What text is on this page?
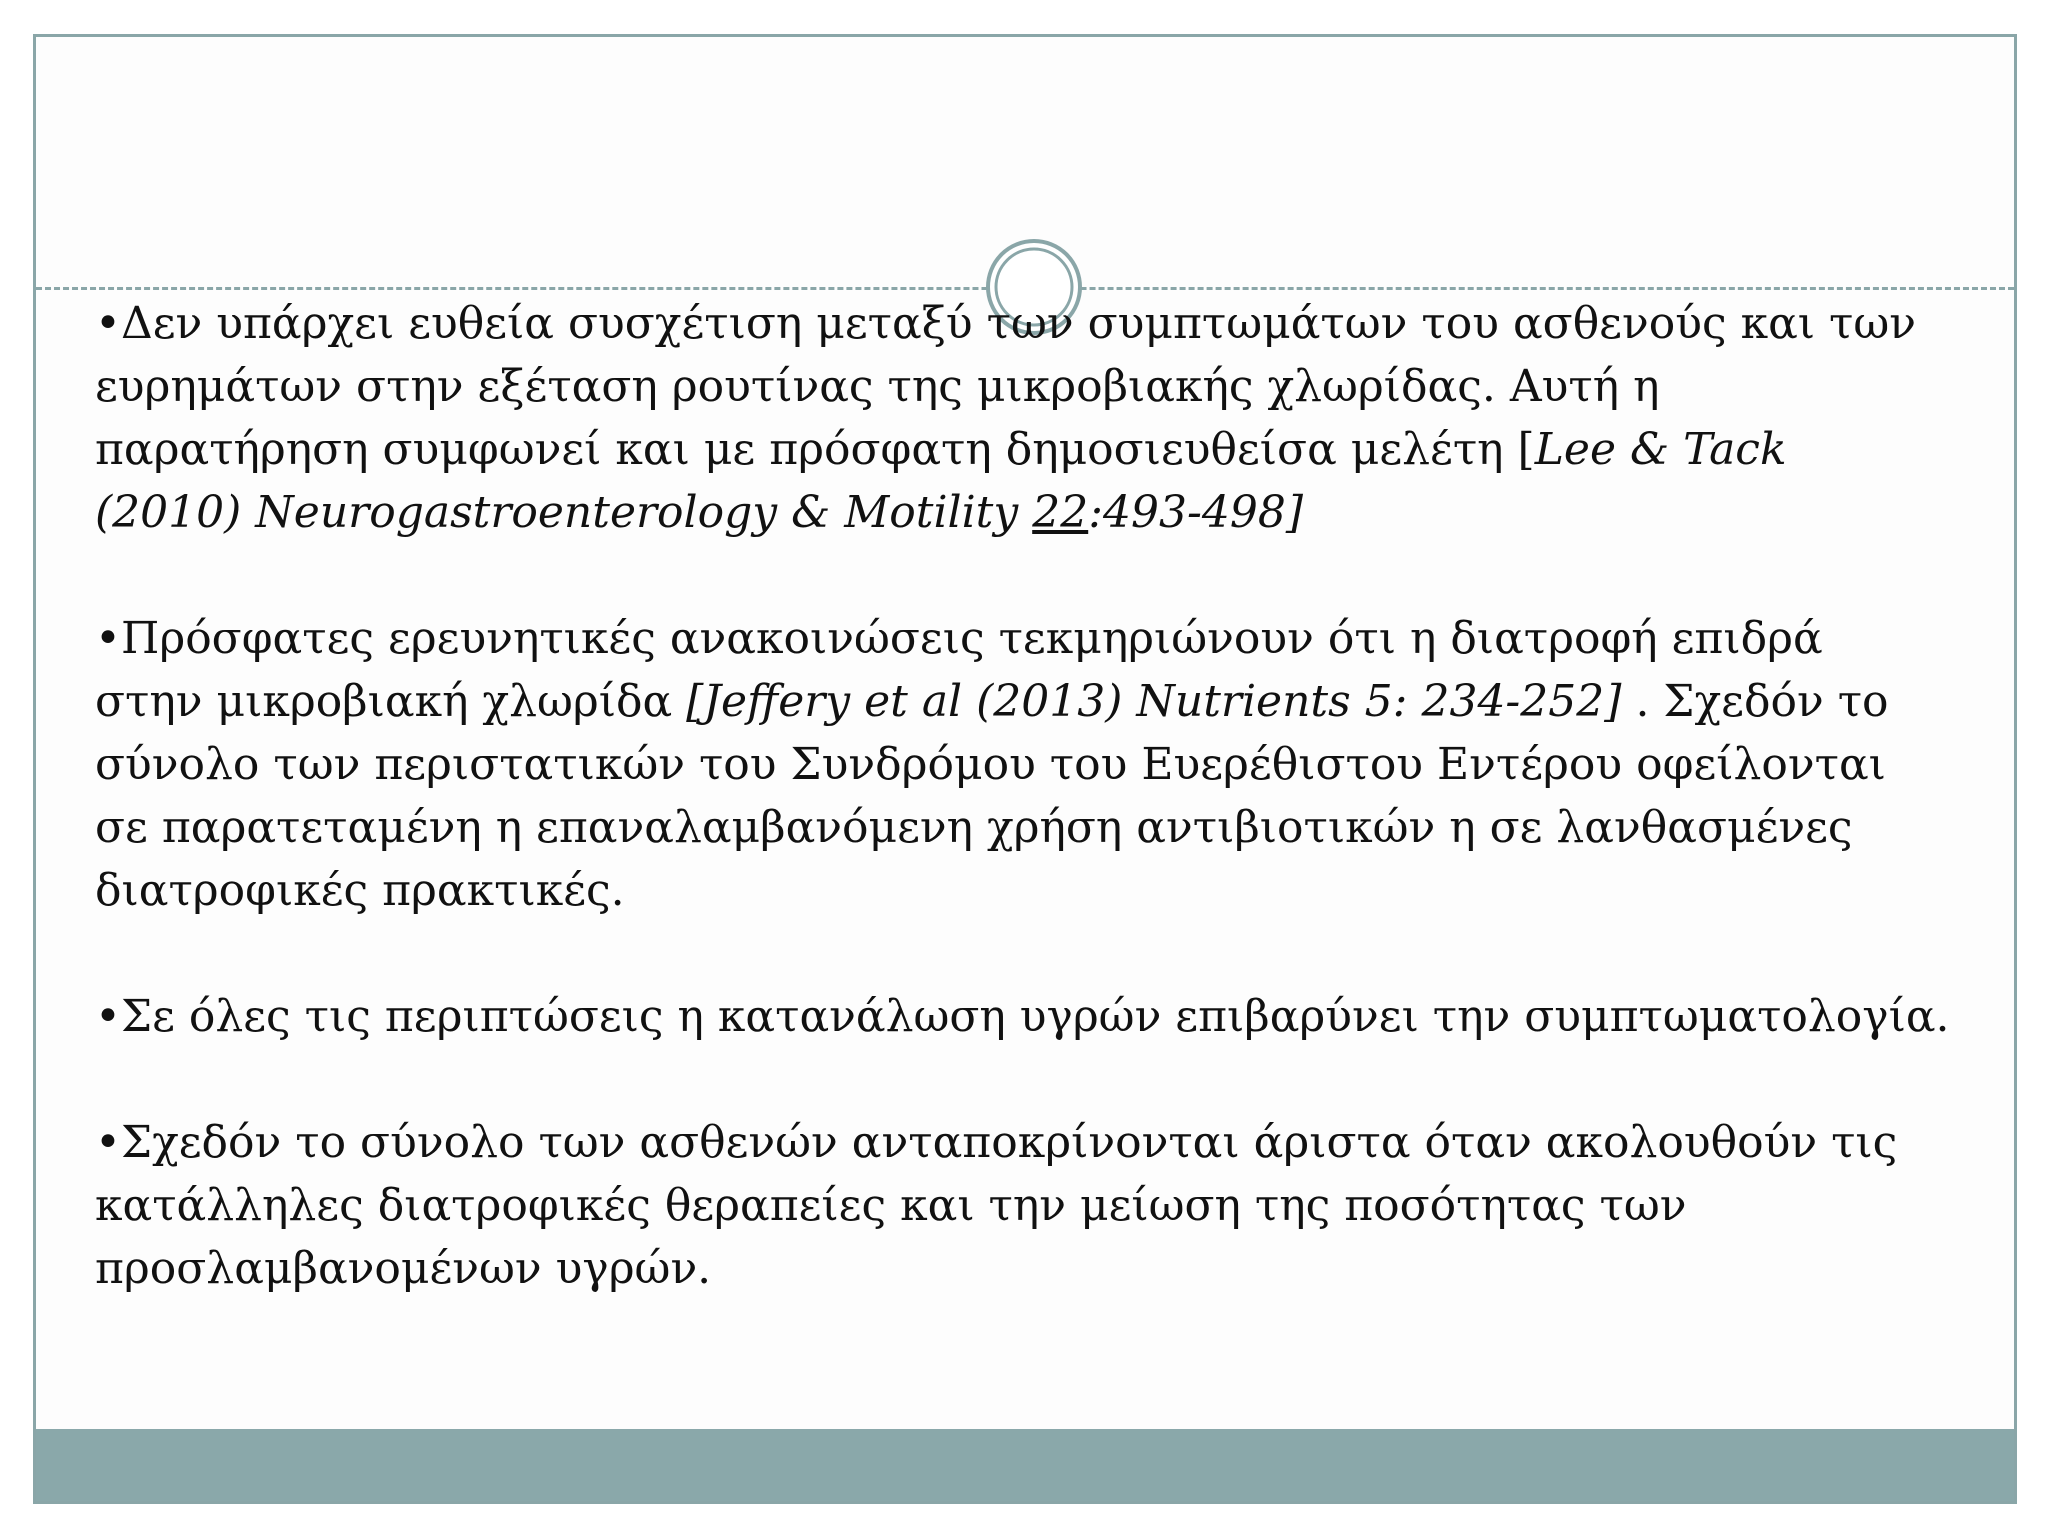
•Δεν υπάρχει ευθεία συσχέτιση μεταξύ των συμπτωμάτων του ασθενούς και των
ευρημάτων στην εξέταση ρουτίνας της μικροβιακής χλωρίδας. Αυτή η
παρατήρηση συμφωνεί και με πρόσφατη δημοσιευθείσα μελέτη [Lee & Tack
(2010) Neurogastroenterology & Motility 22:493-498]

•Πρόσφατες ερευνητικές ανακοινώσεις τεκμηριώνουν ότι η διατροφή επιδρά
στην μικροβιακή χλωρίδα [Jeffery et al (2013) Nutrients 5: 234-252] . Σχεδόν το
σύνολο των περιστατικών του Συνδρόμου του Ευερέθιστου Εντέρου οφείλονται
σε παρατεταμένη η επαναλαμβανόμενη χρήση αντιβιοτικών η σε λανθασμένες
διατροφικές πρακτικές.

•Σε όλες τις περιπτώσεις η κατανάλωση υγρών επιβαρύνει την συμπτωματολογία.

•Σχεδόν το σύνολο των ασθενών ανταποκρίνονται άριστα όταν ακολουθούν τις
κατάλληλες διατροφικές θεραπείες και την μείωση της ποσότητας των
προσλαμβανομένων υγρών.
